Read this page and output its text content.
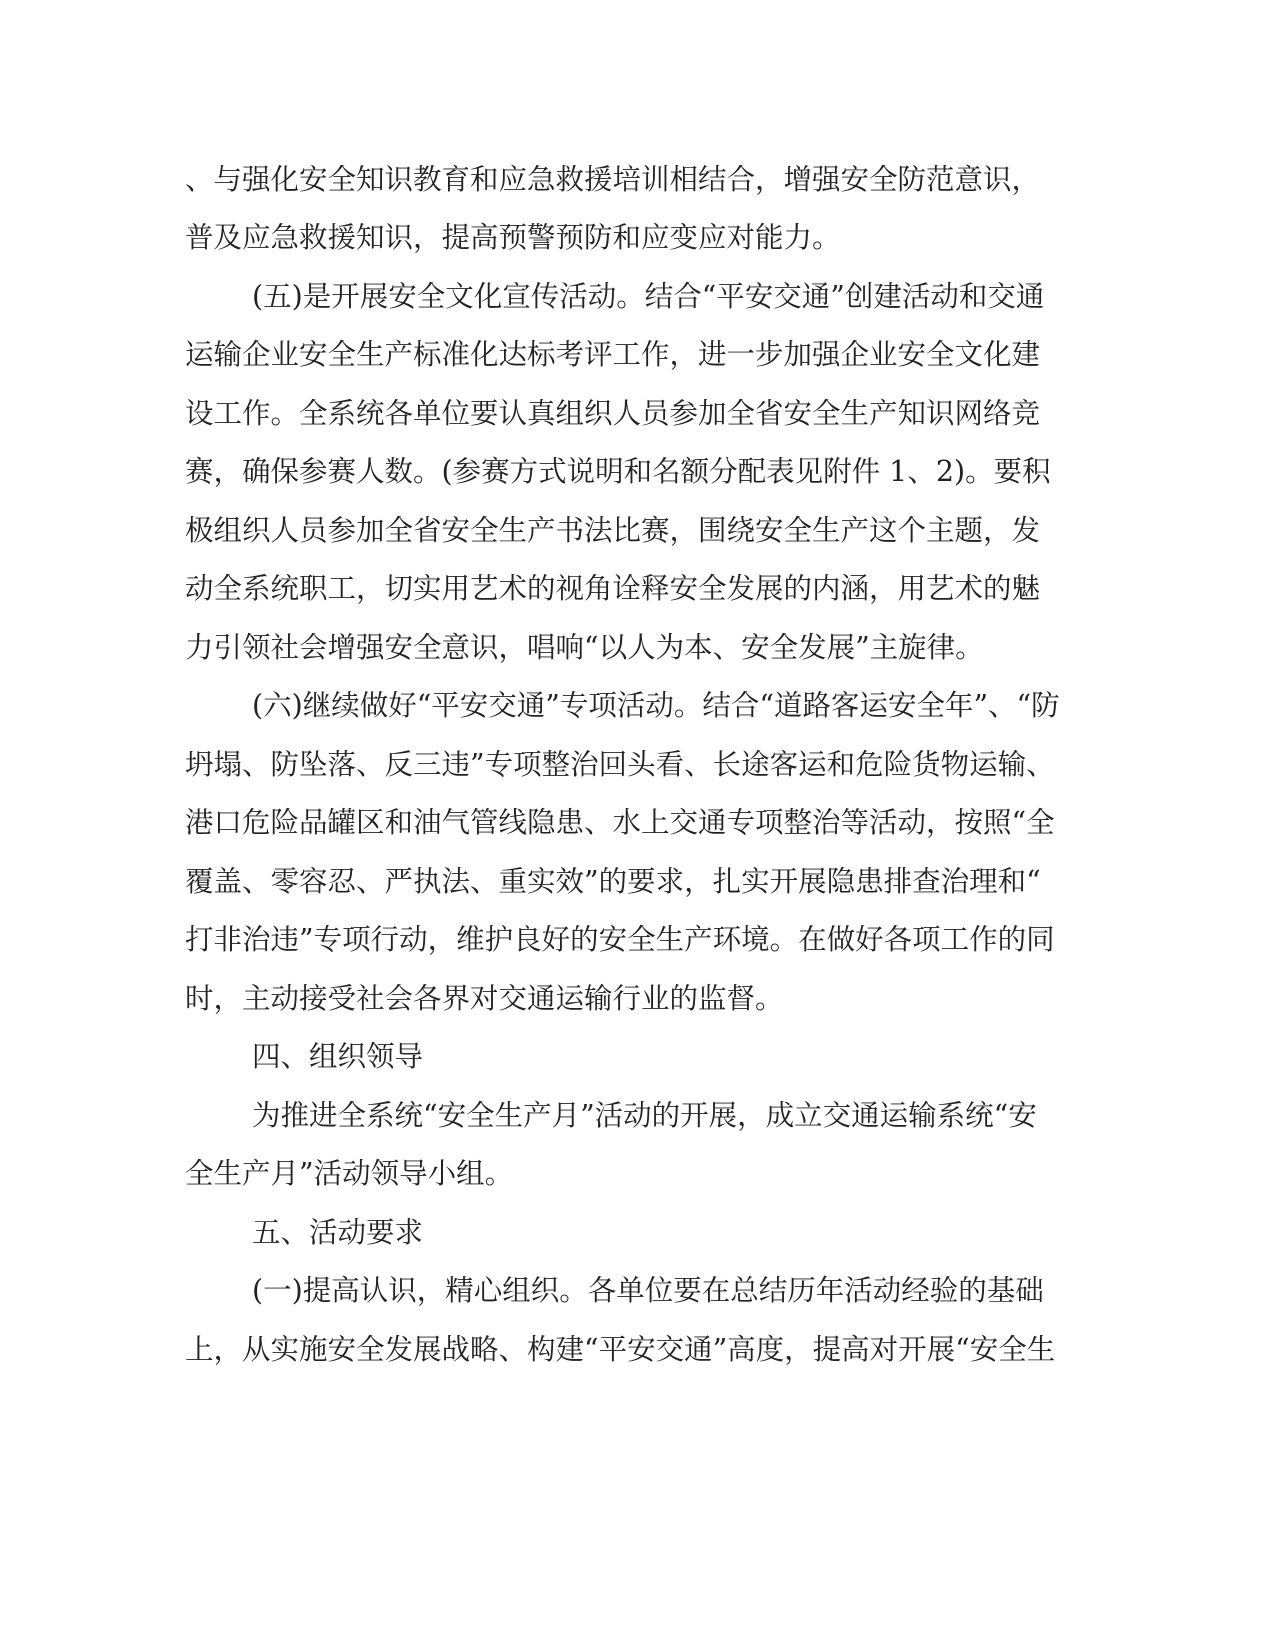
、与强化安全知识教育和应急救援培训相结合，增强安全防范意识，

普及应急救援知识，提高预警预防和应变应对能力。

(五)是开展安全文化宣传活动。结合“平安交通”创建活动和交通

运输企业安全生产标准化达标考评工作，进一步加强企业安全文化建

设工作。全系统各单位要认真组织人员参加全省安全生产知识网络竞

赛，确保参赛人数。(参赛方式说明和名额分配表见附件 1、2)。要积

极组织人员参加全省安全生产书法比赛，围绕安全生产这个主题，发

动全系统职工，切实用艺术的视角诠释安全发展的内涵，用艺术的魅

力引领社会增强安全意识，唱响“以人为本、安全发展”主旋律。

(六)继续做好“平安交通”专项活动。结合“道路客运安全年”、“防

坍塌、防坠落、反三违”专项整治回头看、长途客运和危险货物运输、

港口危险品罐区和油气管线隐患、水上交通专项整治等活动，按照“全

覆盖、零容忍、严执法、重实效”的要求，扎实开展隐患排查治理和“

打非治违”专项行动，维护良好的安全生产环境。在做好各项工作的同

时，主动接受社会各界对交通运输行业的监督。

四、组织领导

为推进全系统“安全生产月”活动的开展，成立交通运输系统“安

全生产月”活动领导小组。

五、活动要求

(一)提高认识，精心组织。各单位要在总结历年活动经验的基础

上，从实施安全发展战略、构建“平安交通”高度，提高对开展“安全生
